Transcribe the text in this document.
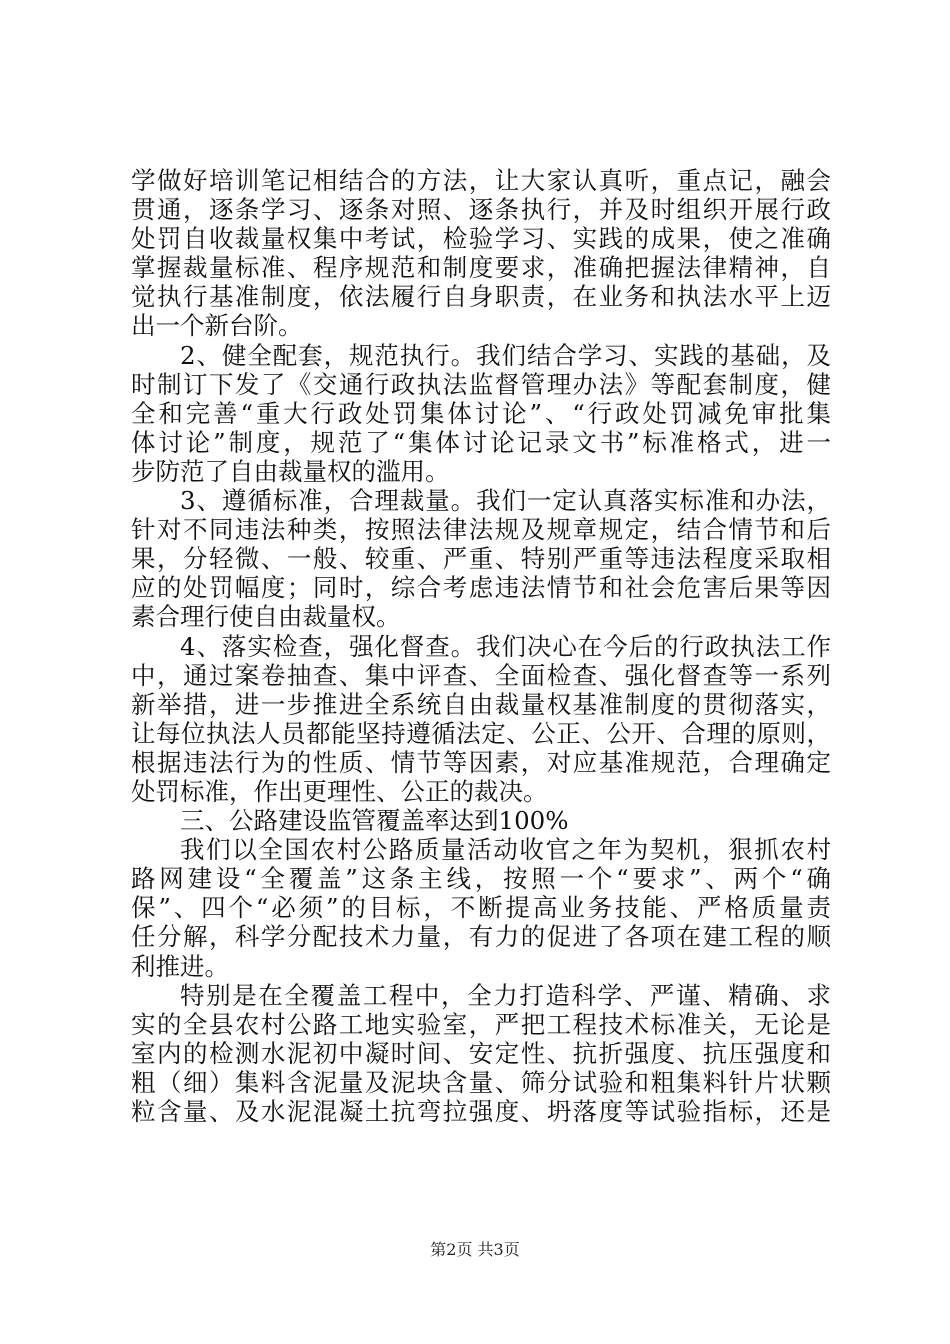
学做好培训笔记相结合的方法，让大家认真听，重点记，融会
贯通，逐条学习、逐条对照、逐条执行，并及时组织开展行政
处罚自收裁量权集中考试，检验学习、实践的成果，使之准确
掌握裁量标准、程序规范和制度要求，准确把握法律精神，自
觉执行基准制度，依法履行自身职责，在业务和执法水平上迈
出一个新台阶。
2、健全配套，规范执行。我们结合学习、实践的基础，及
时制订下发了《交通行政执法监督管理办法》等配套制度，健
全和完善“重大行政处罚集体讨论”、“行政处罚减免审批集
体讨论”制度，规范了“集体讨论记录文书”标准格式，进一
步防范了自由裁量权的滥用。
3、遵循标准，合理裁量。我们一定认真落实标准和办法，
针对不同违法种类，按照法律法规及规章规定，结合情节和后
果，分轻微、一般、较重、严重、特别严重等违法程度采取相
应的处罚幅度；同时，综合考虑违法情节和社会危害后果等因
素合理行使自由裁量权。
4、落实检查，强化督查。我们决心在今后的行政执法工作
中，通过案卷抽查、集中评查、全面检查、强化督查等一系列
新举措，进一步推进全系统自由裁量权基准制度的贯彻落实，
让每位执法人员都能坚持遵循法定、公正、公开、合理的原则，
根据违法行为的性质、情节等因素，对应基准规范，合理确定
处罚标准，作出更理性、公正的裁决。
三、公路建设监管覆盖率达到100%
我们以全国农村公路质量活动收官之年为契机，狠抓农村
路网建设“全覆盖”这条主线，按照一个“要求”、两个“确
保”、四个“必须”的目标，不断提高业务技能、严格质量责
任分解，科学分配技术力量，有力的促进了各项在建工程的顺
利推进。
特别是在全覆盖工程中，全力打造科学、严谨、精确、求
实的全县农村公路工地实验室，严把工程技术标准关，无论是
室内的检测水泥初中凝时间、安定性、抗折强度、抗压强度和
粗（细）集料含泥量及泥块含量、筛分试验和粗集料针片状颗
粒含量、及水泥混凝土抗弯拉强度、坍落度等试验指标，还是
第2页 共3页
